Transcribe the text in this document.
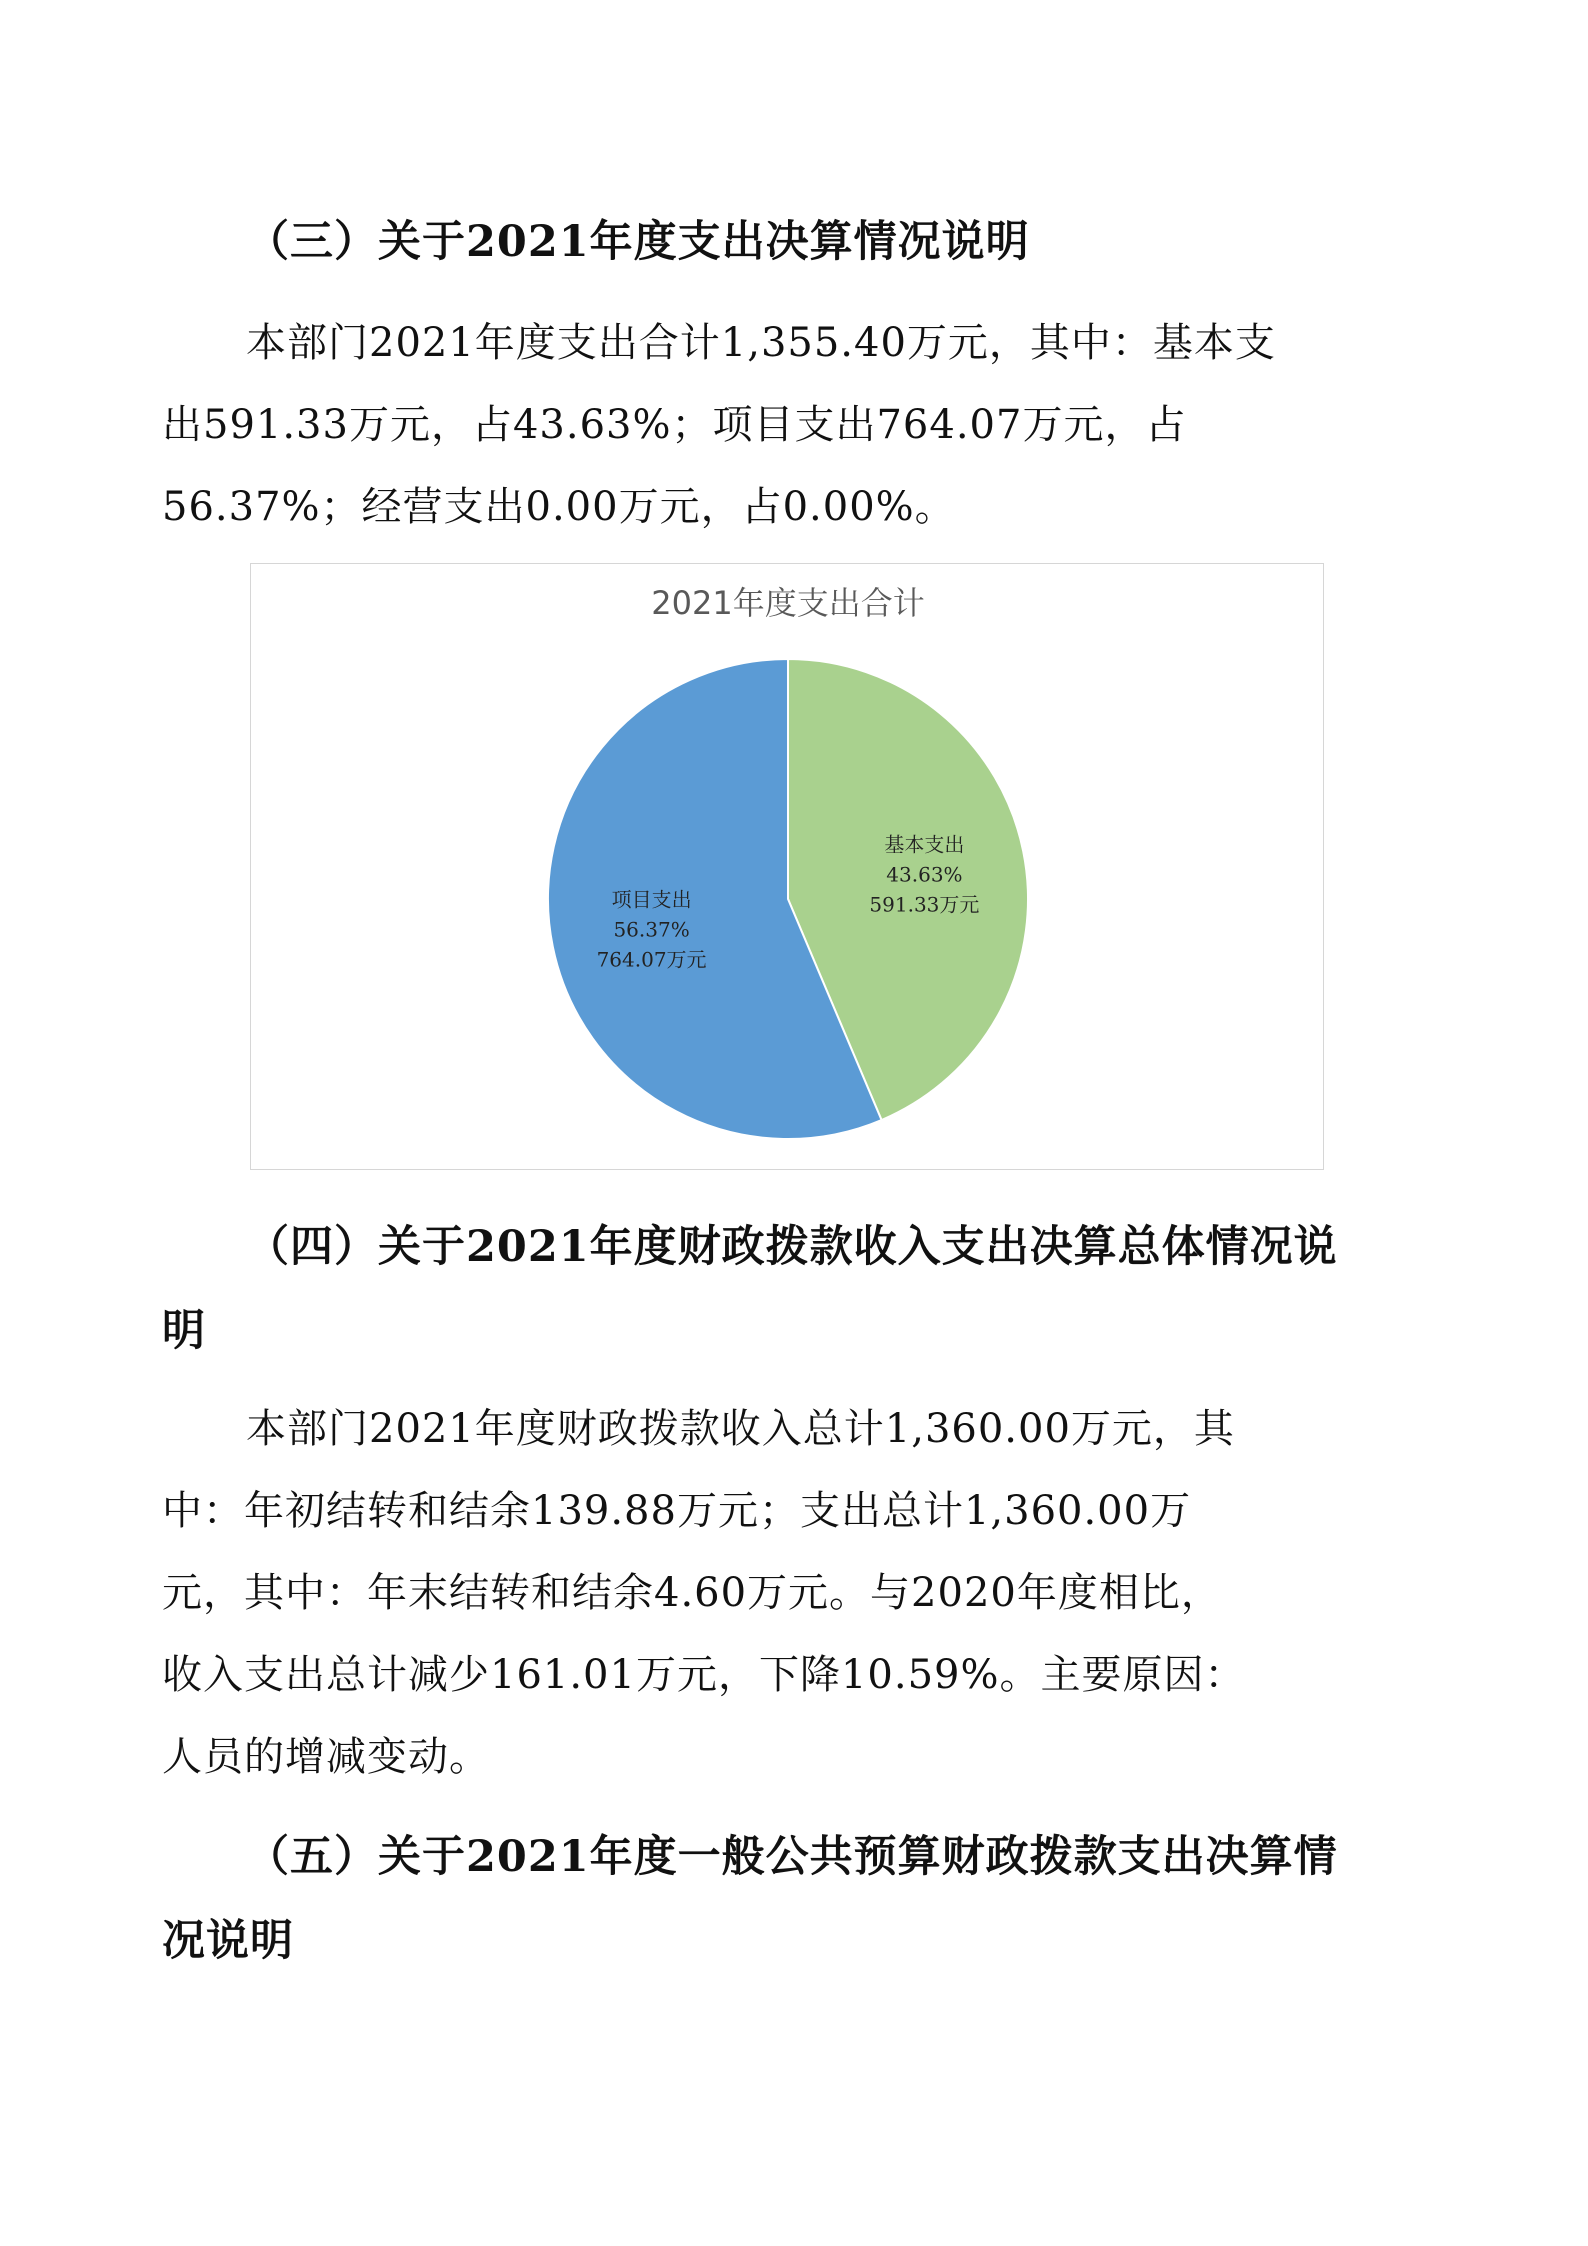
（三）关于2021年度支出决算情况说明
本部门2021年度支出合计1,355.40万元，其中：基本支
出591.33万元，占43.63%；项目支出764.07万元，占
56.37%；经营支出0.00万元，占0.00%。
2021年度支出合计
基本支出
43.63%
591.33万元
项目支出
56.37%
764.07万元
（四）关于2021年度财政拨款收入支出决算总体情况说
明
本部门2021年度财政拨款收入总计1,360.00万元，其
中：年初结转和结余139.88万元；支出总计1,360.00万
元，其中：年末结转和结余4.60万元。与2020年度相比，
收入支出总计减少161.01万元，下降10.59%。主要原因：
人员的增减变动。
（五）关于2021年度一般公共预算财政拨款支出决算情
况说明
